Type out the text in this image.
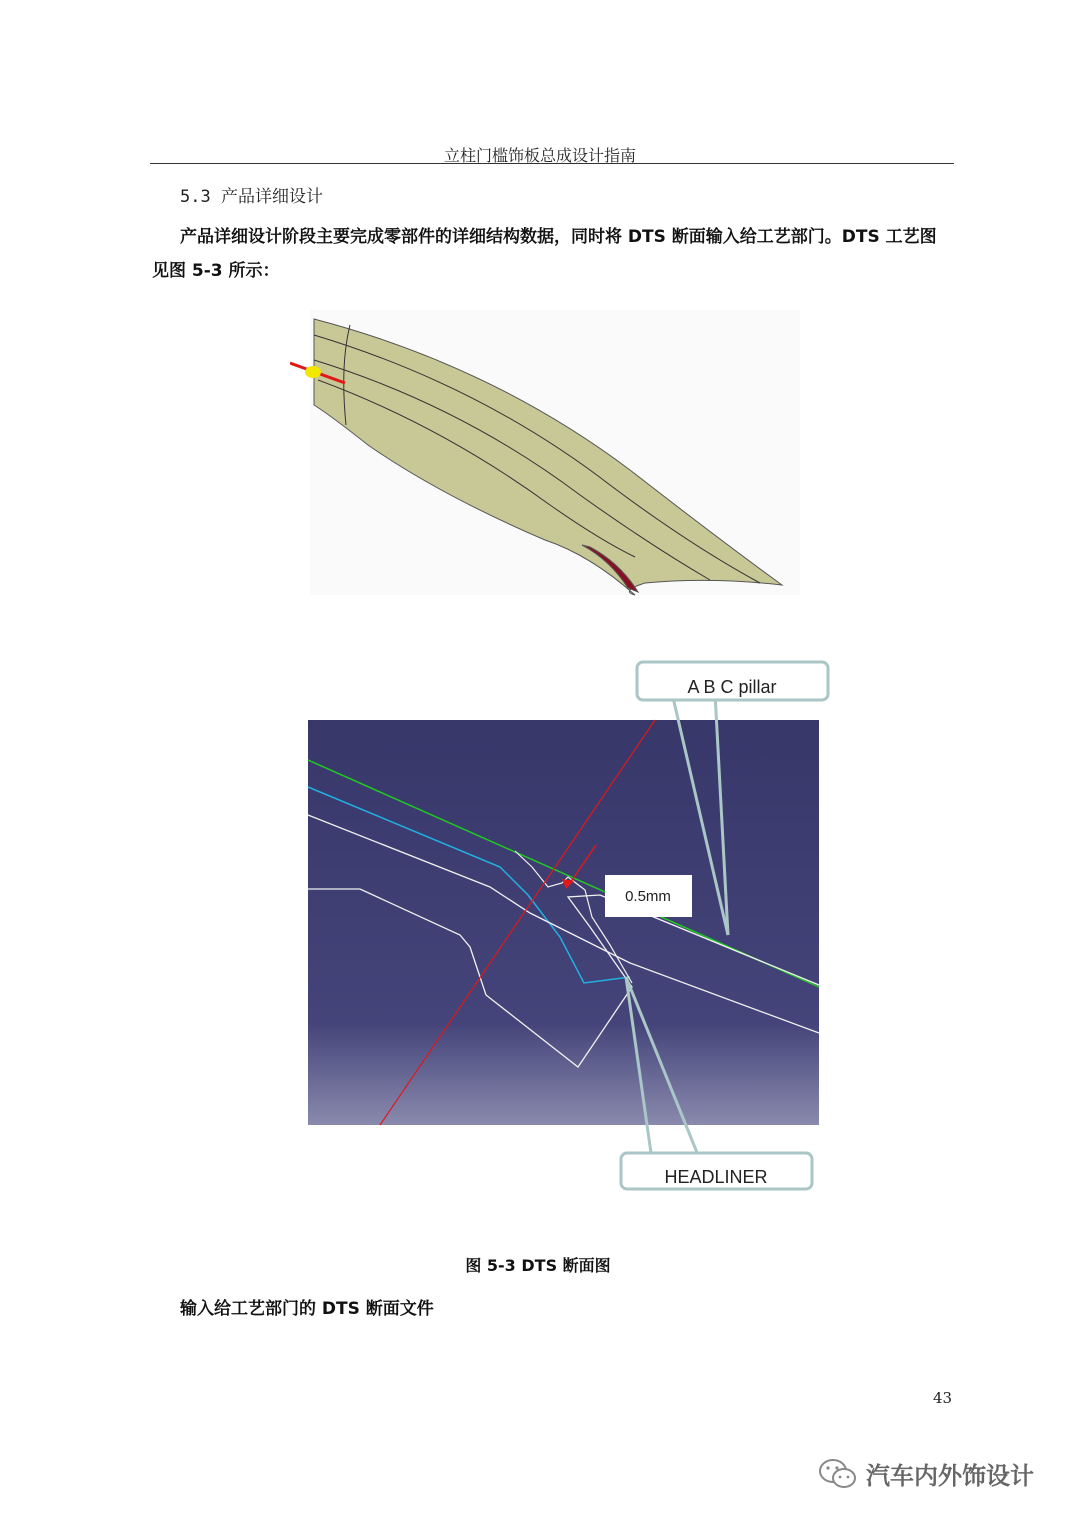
立柱门槛饰板总成设计指南
5.3 产品详细设计
产品详细设计阶段主要完成零部件的详细结构数据，同时将 DTS 断面输入给工艺部门。DTS 工艺图见图 5-3 所示：
0.5mm
A B C pillar
HEADLINER
图 5-3 DTS 断面图
输入给工艺部门的 DTS 断面文件
43
汽车内外饰设计
